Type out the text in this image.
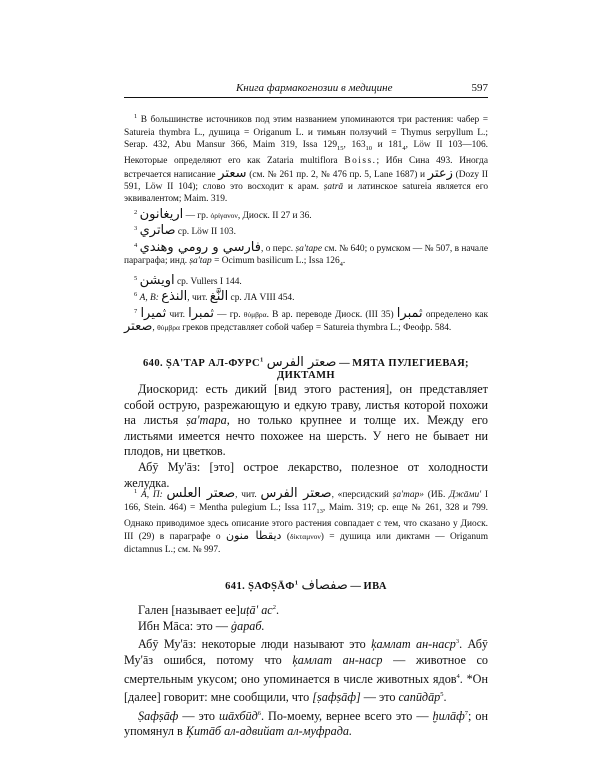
Книга фармакогнозии в медицине	597

$^1$ В большинстве источников под этим названием упоминаются три растения: чабер = Satureia thymbra L., душица = Origanum L. и тимьян ползучий = Thymus serpyllum L.; Serap. 432, Abu Mansur 366, Maim 319, Issa $129_{15}$, $163_{10}$ и $181_4$, Löw II 103—106. Некоторые определяют его как Zataria multiflora Boiss.; Ибн Сина 493. Иногда встречается написание سعتر (см. № 261 пр. 2, № 476 пр. 5, Lane 1687) и زعتر (Dozy II 591, Löw II 104); слово это восходит к арам. ṣatrā и латинское satureia является его эквивалентом; Maim. 319.

$^2$ اريغانون — гр. ὀρίγανον, Диоск. II 27 и 36.

$^3$ صاتري ср. Löw II 103.

$^4$ فارسي و رومي وهندي, о перс. ṣa'tape см. № 640; о румском — № 507, в начале параграфа; инд. ṣa'tap = Ocimum basilicum L.; Issa $126_4$.

$^5$ اويشن ср. Vullers I 144.

$^6$ A, B: النذع, чит. النَّغ ср. ЛА VIII 454.

$^7$ ثميرا чит. ثمبرا — гр. θύμβρα. В ар. переводе Диоск. (III 35) ثمبرا определено как صعتر, θύμβρα греков представляет собой чабер = Satureia thymbra L.; Феофр. 584.

640. ṢA'ТАР АЛ-ФУРС$^1$ صعتر الفرس — МЯТА ПУЛЕГИЕВАЯ; ДИКТАМН

Диоскорид: есть дикий [вид этого растения], он представляет собой острую, разрежающую и едкую траву, листья которой похожи на листья ṣa'тара, но только крупнее и толще их. Между его листьями имеется нечто похожее на шерсть. У него не бывает ни плодов, ни цветков.

Абӯ Му'āз: [это] острое лекарство, полезное от холодности желудка.

$^1$ A, П: صعتر العلس, чит. صعتر الفرس, «персидский ṣa'тар» (ИБ. Джāмu' I 166, Stein. 464) = Mentha pulegium L.; Issa $117_{13}$, Maim. 319; ср. еще № 261, 328 и 799. Однако приводимое здесь описание этого растения совпадает с тем, что сказано у Диоск. III (29) в параграфе о ديقطا منون (δίκταμνον) = душица или диктамн — Origanum dictamnus L.; см. № 997.

641. ṢАФṢĀФ$^1$ صفصاف — ИВА

Гален [называет ее]иṭā' $ас^2$.

Ибн Мāса: это — ġараб.

Абӯ Му'āз: некоторые люди называют это ķамлат ан-наср$^3$. Абӯ Му'āз ошибся, потому что ķамлат ан-наср — животное со смертельным укусом; оно упоминается в числе животных ядов$^4$. *Он [далее] говорит: мне сообщили, что [ṣафṣāф] — это сапӣдāр$^5$.

Ṣафṣāф — это шāхбӣд$^6$. По-моему, вернее всего это — ḫилāф$^7$; он упомянул в Ķитāб ал-адвийат ал-муфрада.
